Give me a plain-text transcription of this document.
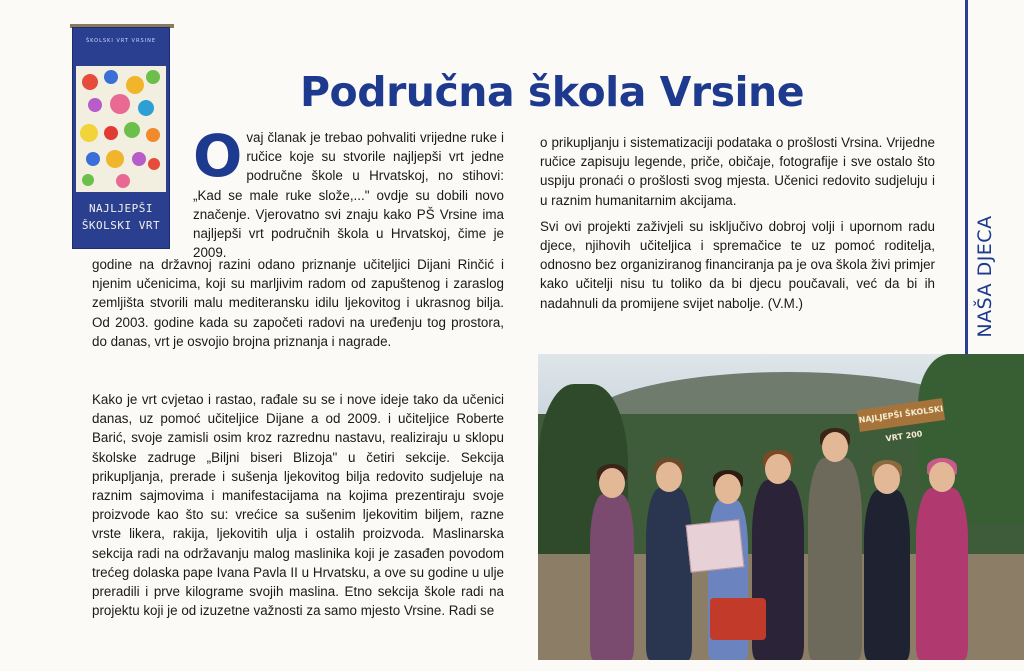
ŠKOLSKI VRT VRSINE
NAJLJEPŠI
ŠKOLSKI VRT
Područna škola Vrsine

Ovaj članak je trebao pohvaliti vrijedne ruke i ručice koje su stvorile najljepši vrt jedne područne škole u Hrvatskoj, no stihovi: „Kad se male ruke slože,..." ovdje su dobili novo značenje. Vjerovatno svi znaju kako PŠ Vrsine ima najljepši vrt područnih škola u Hrvatskoj, čime je 2009.

godine na državnoj razini odano priznanje učiteljici Dijani Rinčić i njenim učenicima, koji su marljivim radom od zapuštenog i zaraslog zemljišta stvorili malu mediteransku idilu ljekovitog i ukrasnog bilja. Od 2003. godine kada su započeti radovi na uređenju tog prostora, do danas, vrt je osvojio brojna priznanja i nagrade.

Kako je vrt cvjetao i rastao, rađale su se i nove ideje tako da učenici danas, uz pomoć učiteljice Dijane a od 2009. i učiteljice Roberte Barić, svoje zamisli osim kroz razrednu nastavu, realiziraju u sklopu školske zadruge „Biljni biseri Blizoja" u četiri sekcije. Sekcija prikupljanja, prerade i sušenja ljekovitog bilja redovito sudjeluje na raznim sajmovima i manifestacijama na kojima prezentiraju svoje proizvode kao što su: vrećice sa sušenim ljekovitim biljem, razne vrste likera, rakija, ljekovitih ulja i ostalih proizvoda. Maslinarska sekcija radi na održavanju malog maslinika koji je zasađen povodom trećeg dolaska pape Ivana Pavla II u Hrvatsku, a ove su godine u ulje preradili i prve kilograme svojih maslina. Etno sekcija škole radi na projektu koji je od izuzetne važnosti za samo mjesto Vrsine. Radi se

o prikupljanju i sistematizaciji podataka o prošlosti Vrsina. Vrijedne ručice zapisuju legende, priče, običaje, fotografije i sve ostalo što uspiju pronaći o prošlosti svog mjesta. Učenici redovito sudjeluju i u raznim humanitarnim akcijama.

Svi ovi projekti zaživjeli su isključivo dobroj volji i upornom radu djece, njihovih učiteljica i spremačice te uz pomoć roditelja, odnosno bez organiziranog financiranja pa je ova škola živi primjer kako učitelji nisu tu toliko da bi djecu poučavali, već da bi ih nadahnuli da promijene svijet nabolje. (V.M.)	NAŠA DJECA
NAJLJEPŠI ŠKOLSKI VRT 200
